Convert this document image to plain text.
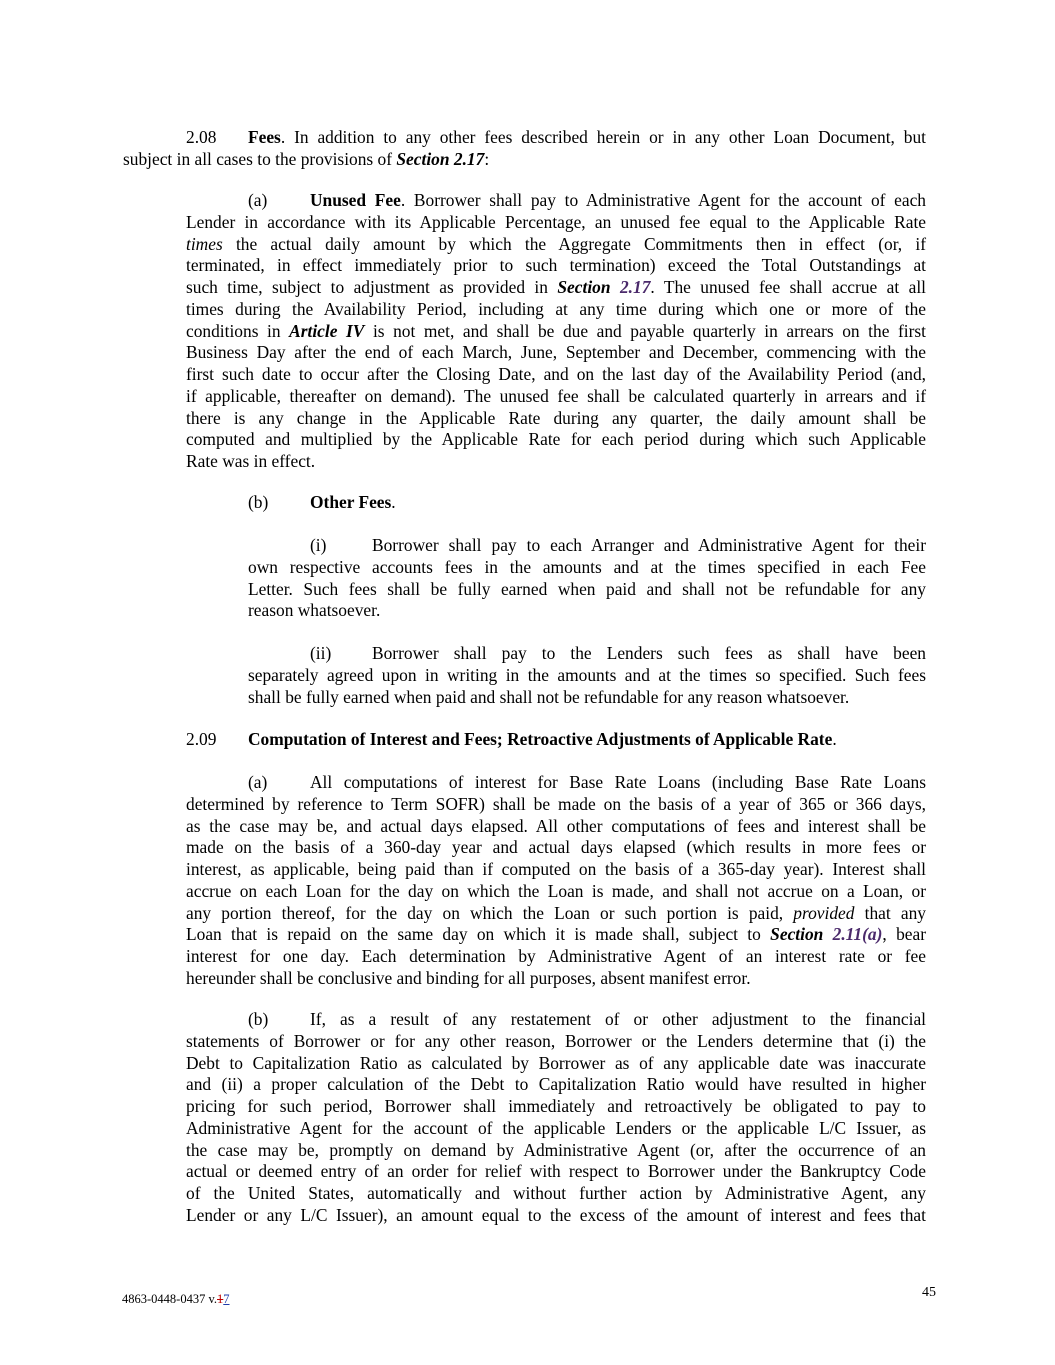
2.08 Fees. In addition to any other fees described herein or in any other Loan Document, but
subject in all cases to the provisions of Section 2.17:
(a) Unused Fee. Borrower shall pay to Administrative Agent for the account of each
Lender in accordance with its Applicable Percentage, an unused fee equal to the Applicable Rate
times the actual daily amount by which the Aggregate Commitments then in effect (or, if
terminated, in effect immediately prior to such termination) exceed the Total Outstandings at
such time, subject to adjustment as provided in Section 2.17. The unused fee shall accrue at all
times during the Availability Period, including at any time during which one or more of the
conditions in Article IV is not met, and shall be due and payable quarterly in arrears on the first
Business Day after the end of each March, June, September and December, commencing with the
first such date to occur after the Closing Date, and on the last day of the Availability Period (and,
if applicable, thereafter on demand). The unused fee shall be calculated quarterly in arrears and if
there is any change in the Applicable Rate during any quarter, the daily amount shall be
computed and multiplied by the Applicable Rate for each period during which such Applicable
Rate was in effect.
(b) Other Fees.
(i)	Borrower shall pay to each Arranger and Administrative Agent for their
own respective accounts fees in the amounts and at the times specified in each Fee
Letter. Such fees shall be fully earned when paid and shall not be refundable for any
reason whatsoever.
(ii) Borrower shall pay to the Lenders such fees as shall have been
separately agreed upon in writing in the amounts and at the times so specified. Such fees
shall be fully earned when paid and shall not be refundable for any reason whatsoever.
2.09 Computation of Interest and Fees; Retroactive Adjustments of Applicable Rate.
(a) All computations of interest for Base Rate Loans (including Base Rate Loans
determined by reference to Term SOFR) shall be made on the basis of a year of 365 or 366 days,
as the case may be, and actual days elapsed. All other computations of fees and interest shall be
made on the basis of a 360-day year and actual days elapsed (which results in more fees or
interest, as applicable, being paid than if computed on the basis of a 365-day year). Interest shall
accrue on each Loan for the day on which the Loan is made, and shall not accrue on a Loan, or
any portion thereof, for the day on which the Loan or such portion is paid, provided that any
Loan that is repaid on the same day on which it is made shall, subject to Section 2.11(a), bear
interest for one day. Each determination by Administrative Agent of an interest rate or fee
hereunder shall be conclusive and binding for all purposes, absent manifest error.
(b) If, as a result of any restatement of or other adjustment to the financial
statements of Borrower or for any other reason, Borrower or the Lenders determine that (i) the
Debt to Capitalization Ratio as calculated by Borrower as of any applicable date was inaccurate
and (ii) a proper calculation of the Debt to Capitalization Ratio would have resulted in higher
pricing for such period, Borrower shall immediately and retroactively be obligated to pay to
Administrative Agent for the account of the applicable Lenders or the applicable L/C Issuer, as
the case may be, promptly on demand by Administrative Agent (or, after the occurrence of an
actual or deemed entry of an order for relief with respect to Borrower under the Bankruptcy Code
of the United States, automatically and without further action by Administrative Agent, any
Lender or any L/C Issuer), an amount equal to the excess of the amount of interest and fees that
4863-0448-0437 v.17	45
